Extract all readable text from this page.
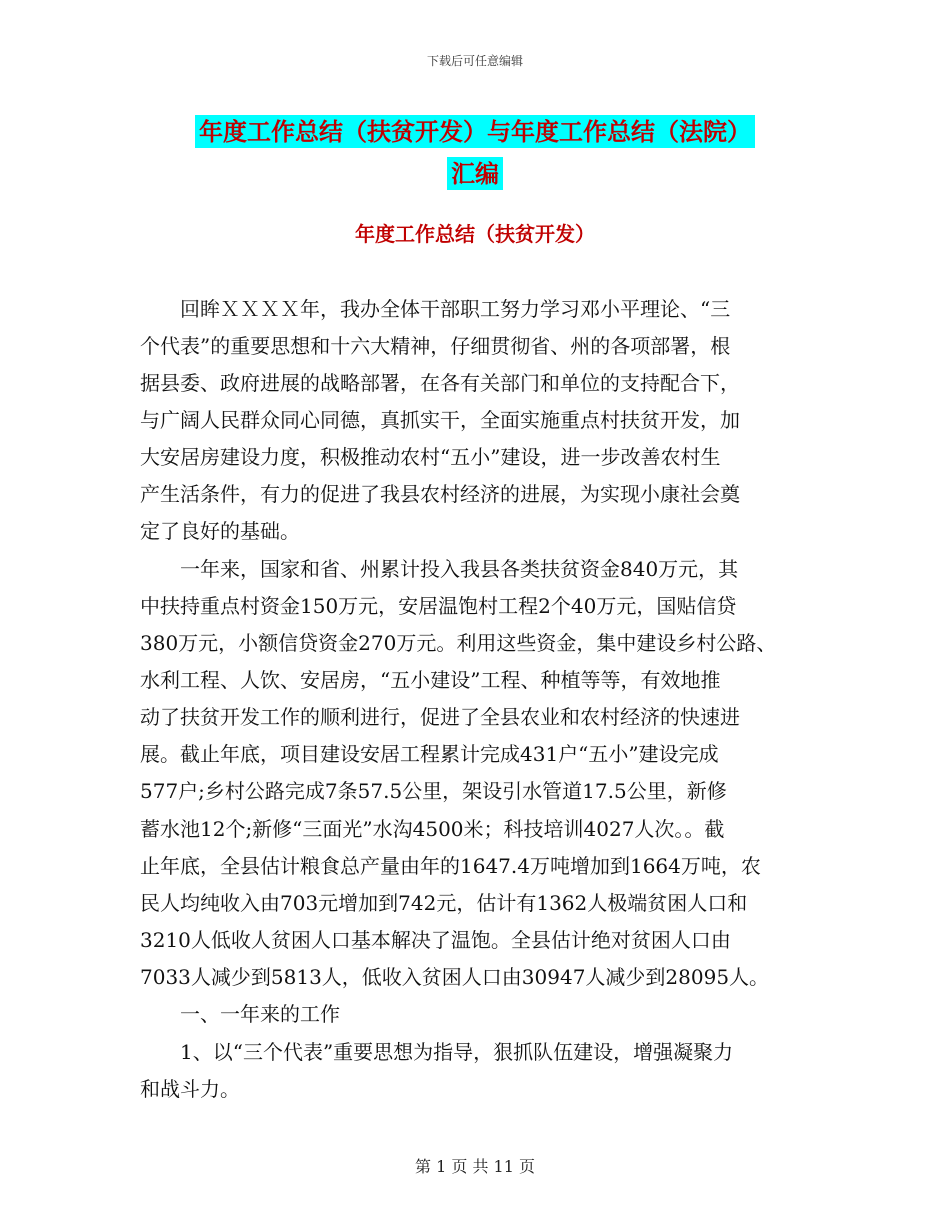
下载后可任意编辑
年度工作总结（扶贫开发）与年度工作总结（法院）
汇编
年度工作总结（扶贫开发）
　　回眸ＸＸＸＸ年，我办全体干部职工努力学习邓小平理论、“三
个代表”的重要思想和十六大精神，仔细贯彻省、州的各项部署，根
据县委、政府进展的战略部署，在各有关部门和单位的支持配合下，
与广阔人民群众同心同德，真抓实干，全面实施重点村扶贫开发，加
大安居房建设力度，积极推动农村“五小”建设，进一步改善农村生
产生活条件，有力的促进了我县农村经济的进展，为实现小康社会奠
定了良好的基础。
　　一年来，国家和省、州累计投入我县各类扶贫资金840万元，其
中扶持重点村资金150万元，安居温饱村工程2个40万元，国贴信贷
380万元，小额信贷资金270万元。利用这些资金，集中建设乡村公路、
水利工程、人饮、安居房，“五小建设”工程、种植等等，有效地推
动了扶贫开发工作的顺利进行，促进了全县农业和农村经济的快速进
展。截止年底，项目建设安居工程累计完成431户“五小”建设完成
577户;乡村公路完成7条57.5公里，架设引水管道17.5公里，新修
蓄水池12个;新修“三面光”水沟4500米；科技培训4027人次。。截
止年底，全县估计粮食总产量由年的1647.4万吨增加到1664万吨，农
民人均纯收入由703元增加到742元，估计有1362人极端贫困人口和
3210人低收人贫困人口基本解决了温饱。全县估计绝对贫困人口由
7033人减少到5813人，低收入贫困人口由30947人减少到28095人。
　　一、一年来的工作
　　1、以“三个代表”重要思想为指导，狠抓队伍建设，增强凝聚力
和战斗力。
第 1 页 共 11 页
